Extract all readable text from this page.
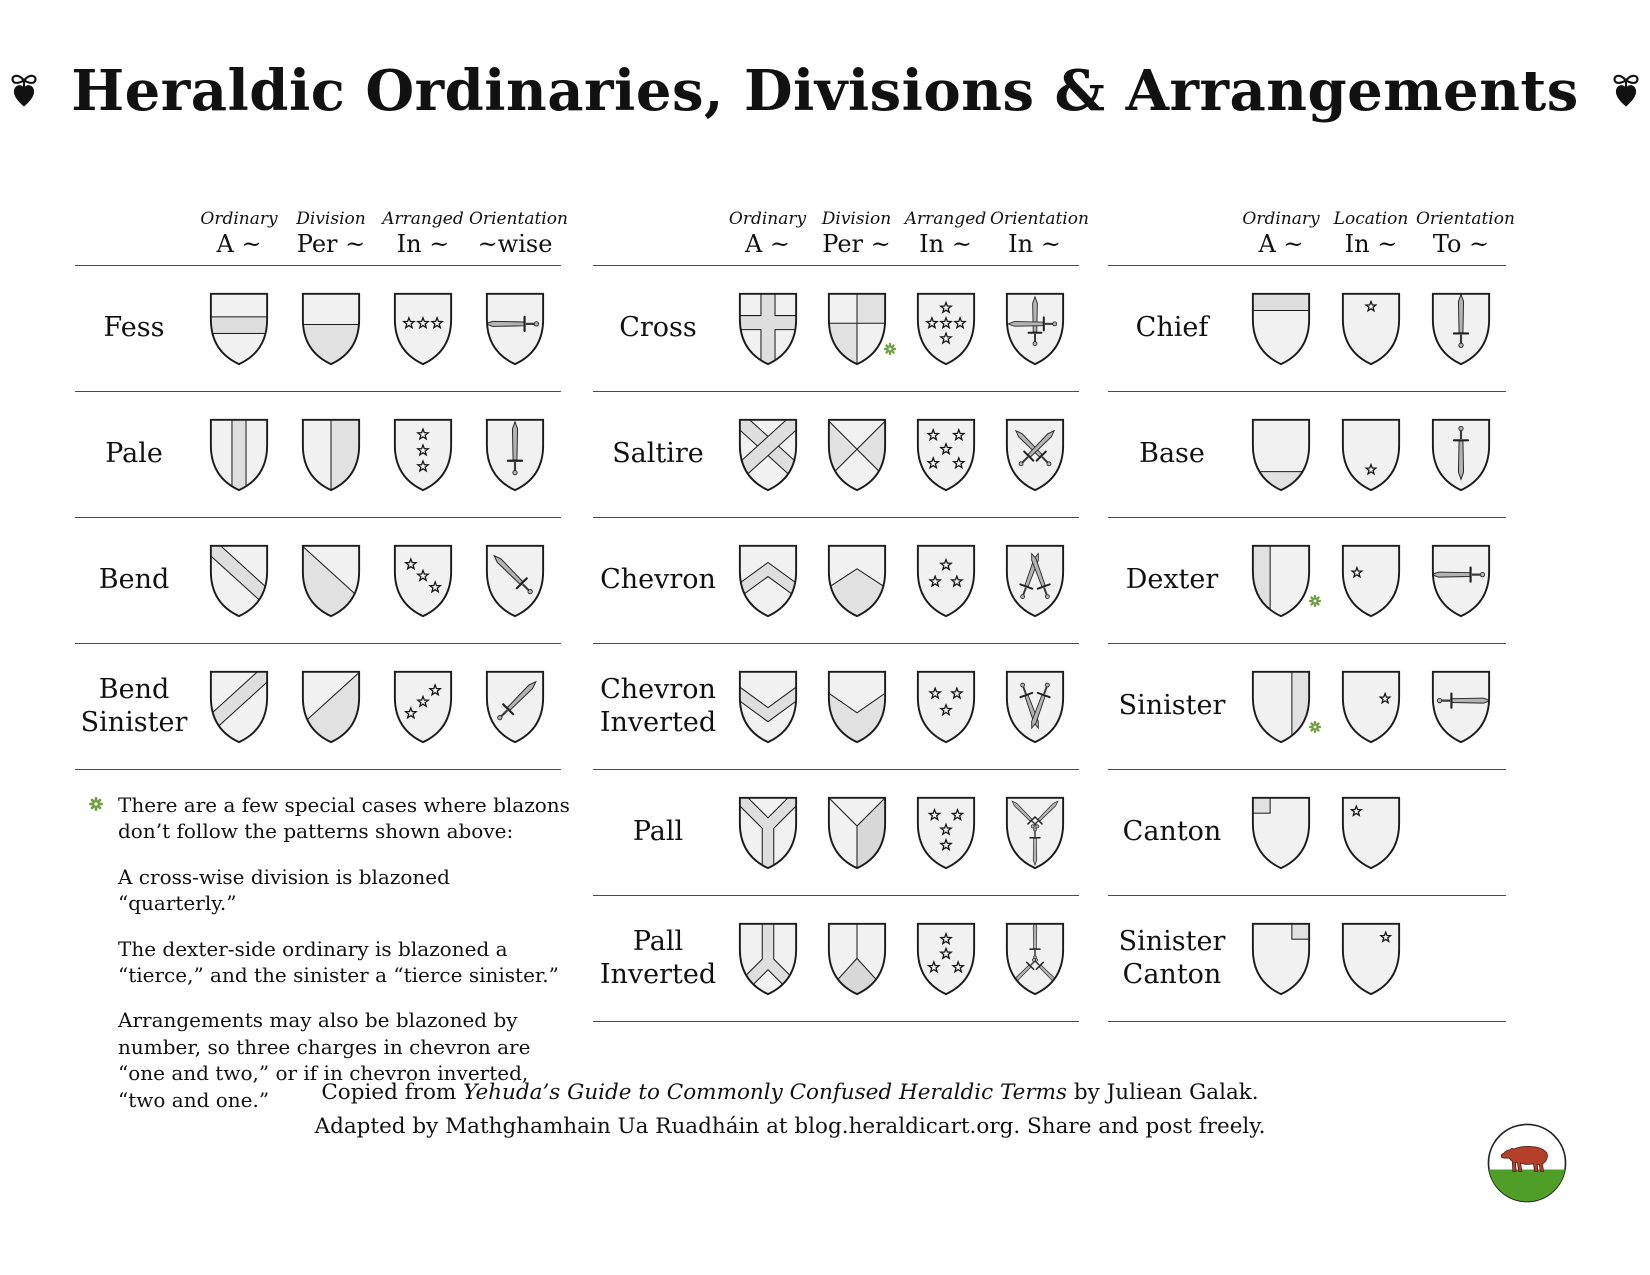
Heraldic Ordinaries, Divisions & Arrangements
Ordinary
A ~
Division
Per ~
Arranged
In ~
Orientation
~wise
Fess
Pale
Bend
Bend Sinister
Ordinary
A ~
Division
Per ~
Arranged
In ~
Orientation
In ~
Cross
Saltire
Chevron
Chevron Inverted
Pall
Pall Inverted
Ordinary
A ~
Location
In ~
Orientation
To ~
Chief
Base
Dexter
Sinister
Canton
Sinister Canton
There are a few special cases where blazons don’t follow the patterns shown above:
A cross-wise division is blazoned “quarterly.”
The dexter-side ordinary is blazoned a “tierce,” and the sinister a “tierce sinister.”
Arrangements may also be blazoned by number, so three charges in chevron are “one and two,” or if in chevron inverted, “two and one.”	Copied from Yehuda’s Guide to Commonly Confused Heraldic Terms by Juliean Galak.
Adapted by Mathghamhain Ua Ruadháin at blog.heraldicart.org. Share and post freely.
